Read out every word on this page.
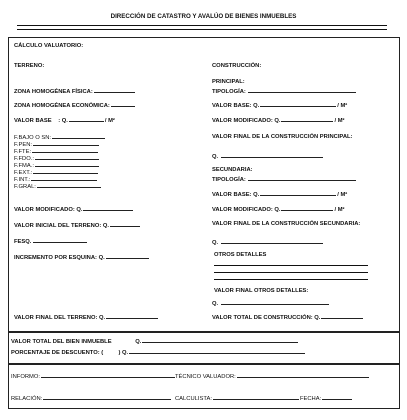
DIRECCIÓN DE CATASTRO Y AVALÚO DE BIENES INMUEBLES
CÁLCULO VALUATORIO:
TERRENO:
ZONA HOMOGÉNEA FÍSICA:
ZONA HOMOGÉNEA ECONÓMICA:
VALOR BASE : Q.	/ M²
F.BAJO O SN:
F.PEN:
F.FTE:
F.FDO.:
F.FMA.:
F.EXT.:
F.INT.:
F.GRAL:
VALOR MODIFICADO: Q.
VALOR INICIAL DEL TERRENO: Q.
FESQ.
INCREMENTO POR ESQUINA: Q.
VALOR FINAL DEL TERRENO: Q.
CONSTRUCCIÓN:
PRINCIPAL:
TIPOLOGÍA:
VALOR BASE: Q.	/ M²
VALOR MODIFICADO: Q.	/ M²
VALOR FINAL DE LA CONSTRUCCIÓN PRINCIPAL:
Q.
SECUNDARIA:
TIPOLOGÍA:
VALOR BASE: Q.	/ M²
VALOR MODIFICADO: Q.	/ M²
VALOR FINAL DE LA CONSTRUCCIÓN SECUNDARIA:
Q.
OTROS DETALLES
VALOR FINAL OTROS DETALLES:
Q.
VALOR TOTAL DE CONSTRUCCIÓN: Q.
VALOR TOTAL DEL BIEN INMUEBLE	Q.
PORCENTAJE DE DESCUENTO: (	) Q.
INFORMO:	TÉCNICO VALUADOR:
RELACIÓN:	CALCULISTA:	FECHA:
